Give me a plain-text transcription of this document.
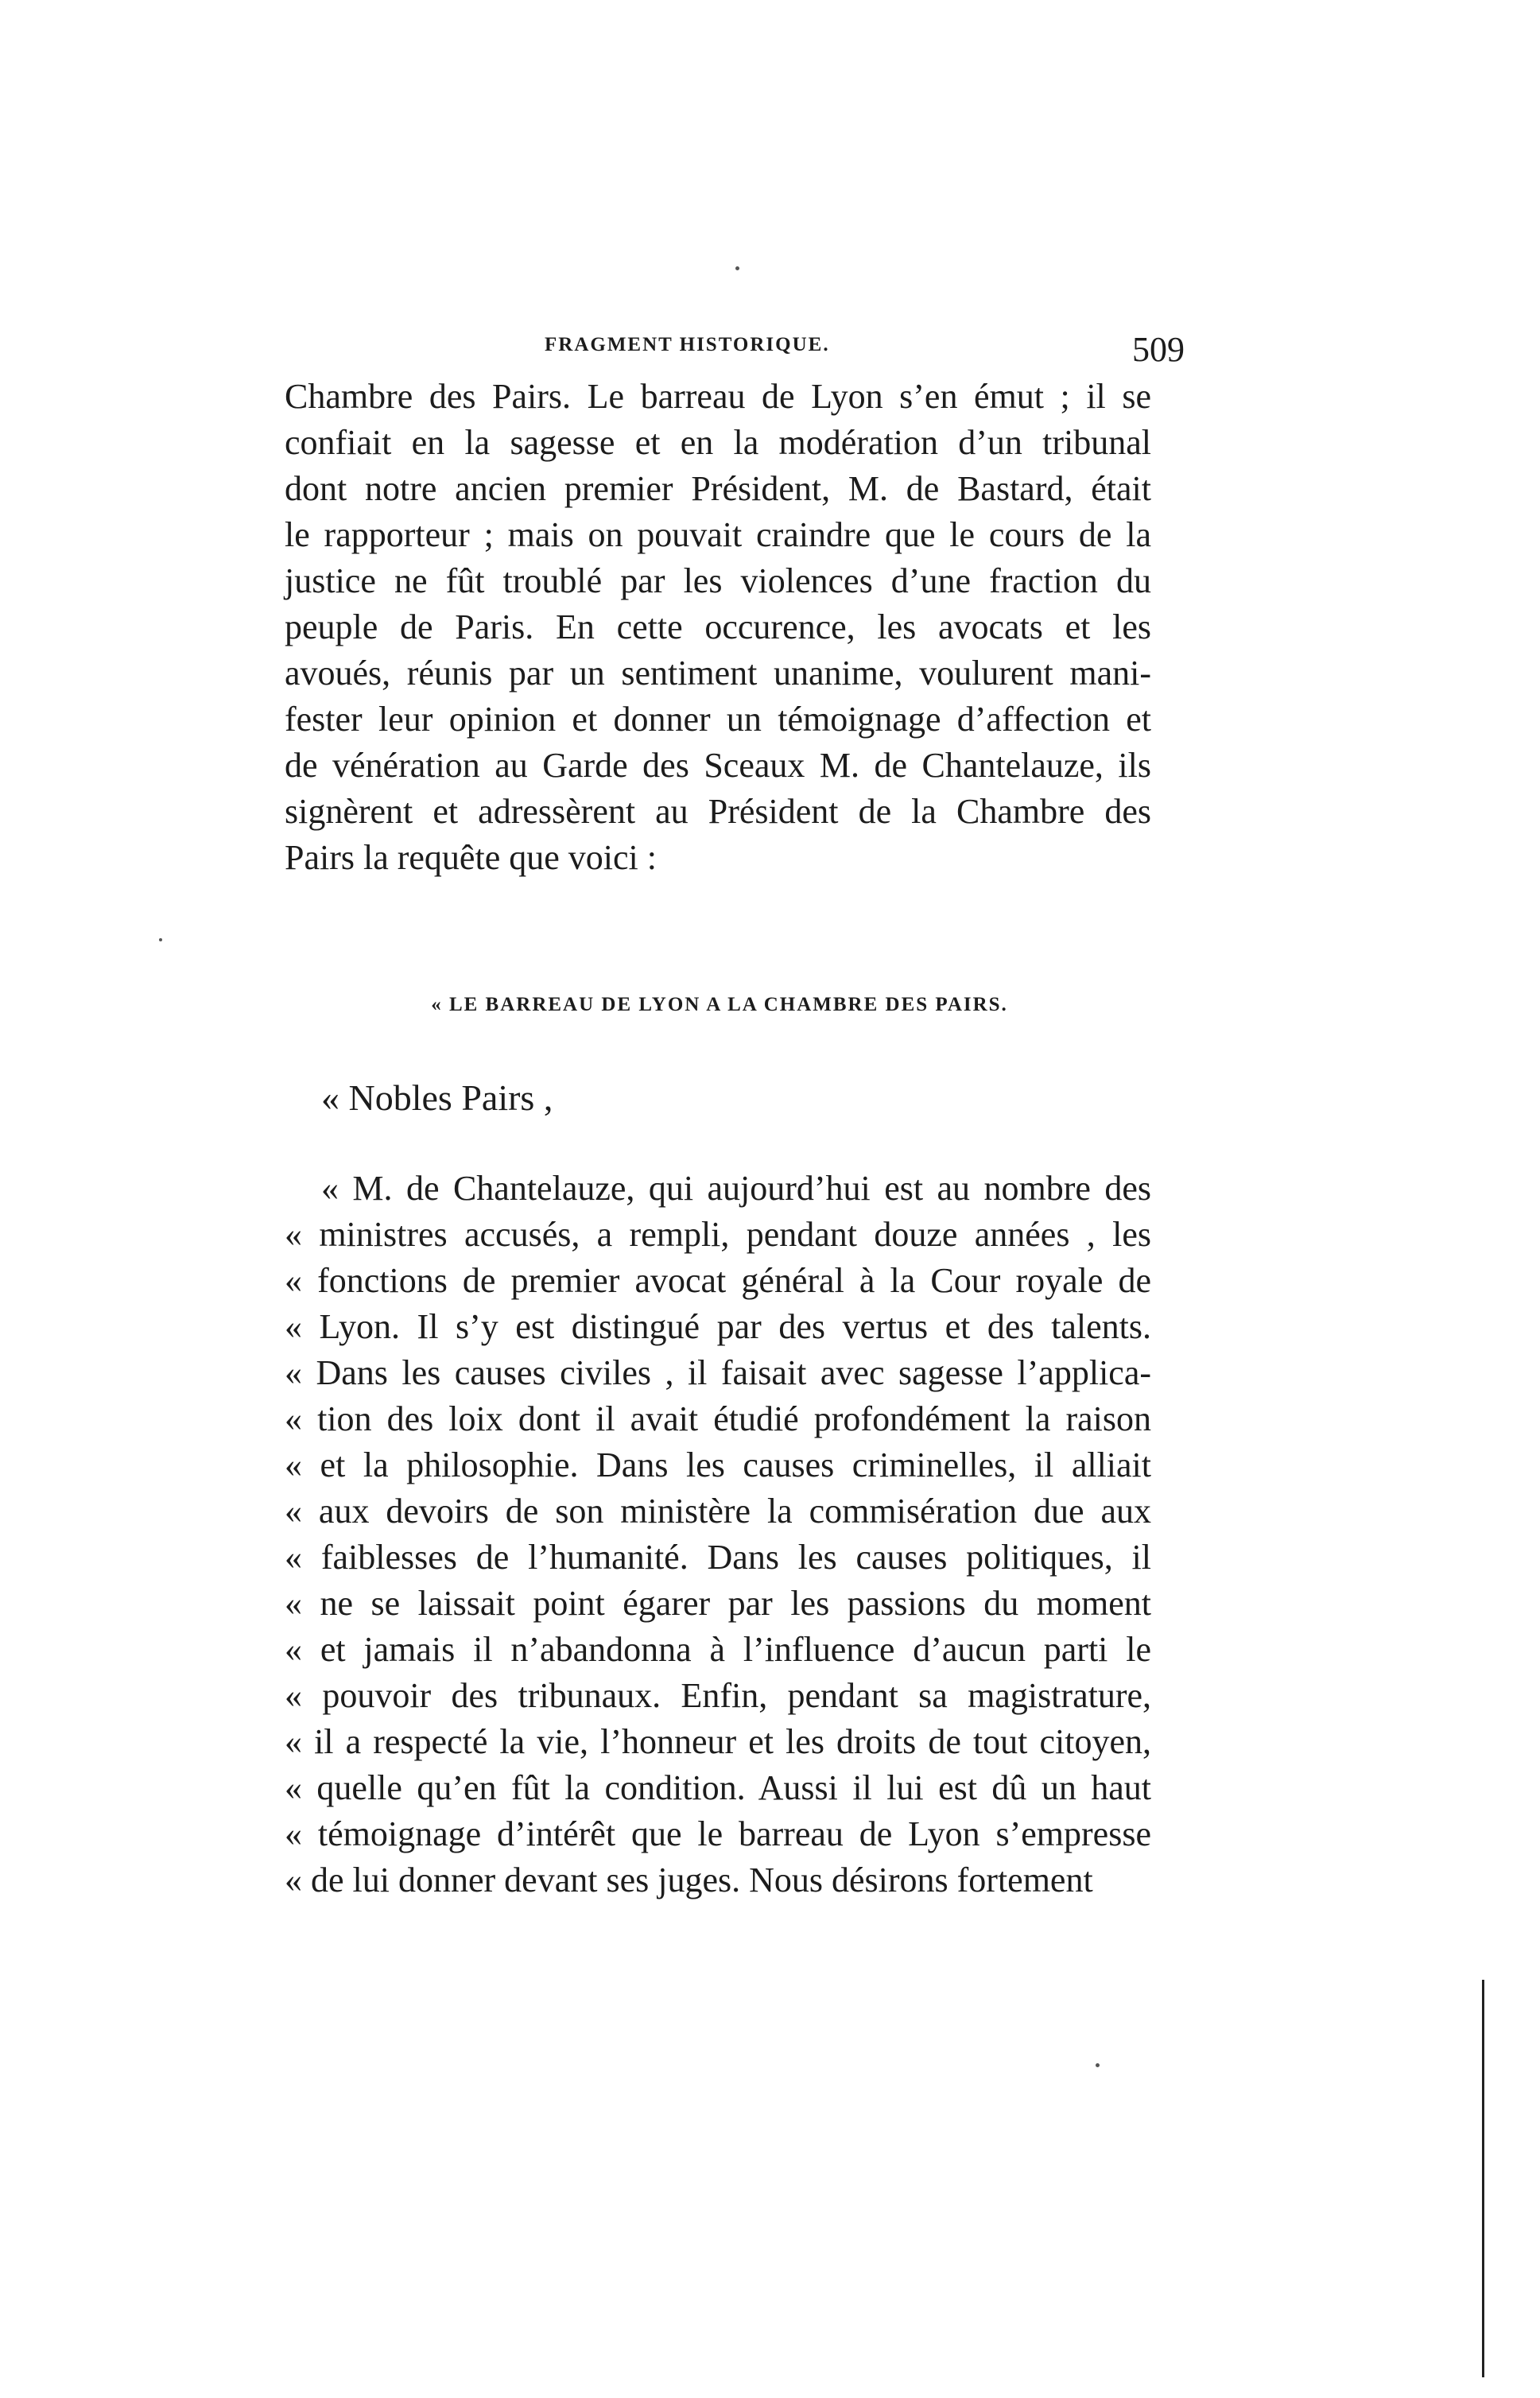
FRAGMENT HISTORIQUE.	509
Chambre des Pairs. Le barreau de Lyon s’en émut ; il se
confiait en la sagesse et en la modération d’un tribunal
dont notre ancien premier Président, M. de Bastard, était
le rapporteur ; mais on pouvait craindre que le cours de la
justice ne fût troublé par les violences d’une fraction du
peuple de Paris. En cette occurence, les avocats et les
avoués, réunis par un sentiment unanime, voulurent mani-
fester leur opinion et donner un témoignage d’affection et
de vénération au Garde des Sceaux M. de Chantelauze, ils
signèrent et adressèrent au Président de la Chambre des
Pairs la requête que voici :
« LE BARREAU DE LYON A LA CHAMBRE DES PAIRS.
« Nobles Pairs ,
« M. de Chantelauze, qui aujourd’hui est au nombre des
« ministres accusés, a rempli, pendant douze années , les
« fonctions de premier avocat général à la Cour royale de
« Lyon. Il s’y est distingué par des vertus et des talents.
« Dans les causes civiles , il faisait avec sagesse l’applica-
« tion des loix dont il avait étudié profondément la raison
« et la philosophie. Dans les causes criminelles, il alliait
« aux devoirs de son ministère la commisération due aux
« faiblesses de l’humanité. Dans les causes politiques, il
« ne se laissait point égarer par les passions du moment
« et jamais il n’abandonna à l’influence d’aucun parti le
« pouvoir des tribunaux. Enfin, pendant sa magistrature,
« il a respecté la vie, l’honneur et les droits de tout citoyen,
« quelle qu’en fût la condition. Aussi il lui est dû un haut
« témoignage d’intérêt que le barreau de Lyon s’empresse
« de lui donner devant ses juges. Nous désirons fortement
